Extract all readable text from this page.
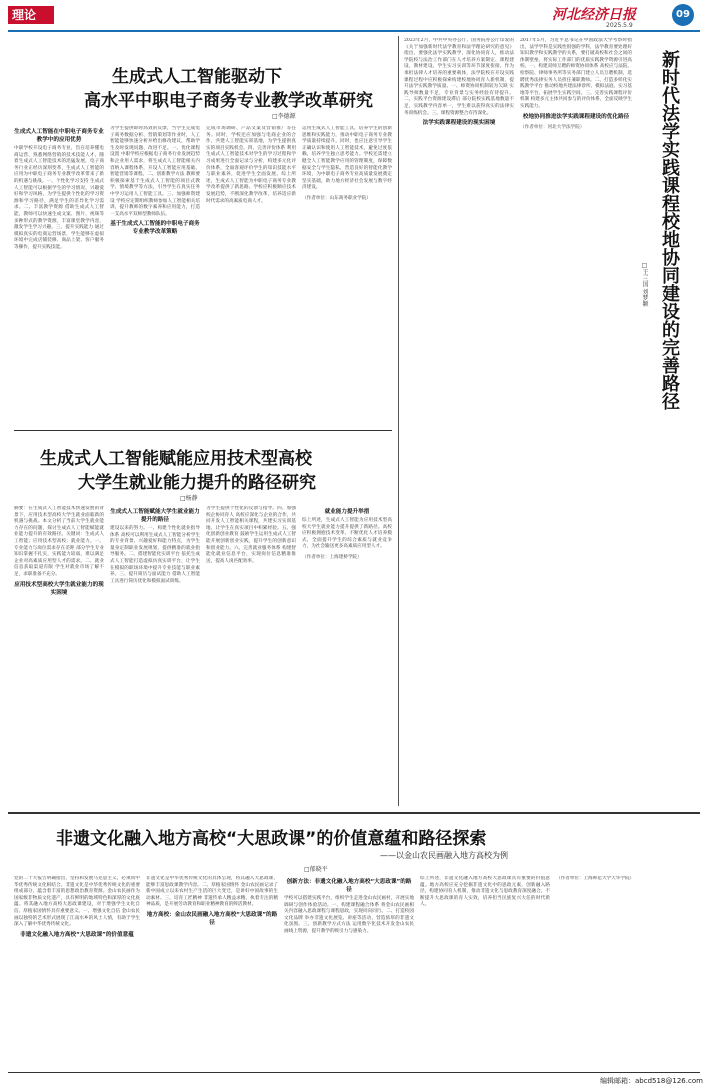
理论	河北经济日报	09
2025.5.9
生成式人工智能驱动下
高水平中职电子商务专业教学改革研究
□李德源
生成式人工智能在中职电子商务专业教学中的应用优势
中职学校开设电子商务专业，旨在培养懂电商运营、熟悉网络营销的技术技能人才。随着生成式人工智能技术的迅猛发展，电子商务行业正经历深刻变革，生成式人工智能的应用为中职电子商务专业教学改革带来了新的机遇与挑战。一、个性化学习支持 生成式人工智能可以根据学生的学习情况、兴趣爱好和学习风格，为学生提供个性化的学习资源和学习路径，满足学生的差异化学习需求。二、丰富教学资源 借助生成式人工智能，教师可以快速生成文案、图片、视频等多种形式的教学资源，丰富课堂教学内容，激发学生学习兴趣。三、提升实践能力 通过模拟真实的电商运营场景，学生能够在虚拟环境中完成店铺装修、商品上架、客户服务等操作，提升实践技能。
为学生提供即时高效的反馈，当学生完成电子商务数据分析、营销策划等作业时，人工智能能够快速分析并给出修改建议，帮助学生及时发现问题、改进不足。一、优化课程设置 中职学校应根据电子商务行业发展趋势和企业用人需求，将生成式人工智能相关内容纳入课程体系，开设人工智能应用基础、智能营销等课程。二、创新教学方法 教师要积极探索基于生成式人工智能的项目式教学、情境教学等方法，引导学生在真实任务中学习运用人工智能工具。三、加强师资建设 学校应定期组织教师参加人工智能相关培训，提升教师的数字素养和应用能力，打造一支高水平双师型教师队伍。
基于生成式人工智能的中职电子商务专业教学改革策略
完成市场调研、产品文案及营销推广等任务。同时，学校还应加强与电商企业的合作，共建人工智能实训基地，为学生提供真实的项目实践机会。四、完善评价体系 利用生成式人工智能技术对学生的学习过程和学习成果进行全面记录与分析，构建多元化评价体系，全面客观评价学生的知识技能水平与职业素养，促进学生全面发展。综上所述，生成式人工智能为中职电子商务专业教学改革提供了新思路。学校应积极顺应技术发展趋势，不断深化教学改革，培养适应新时代需求的高素质电商人才。
运用生成式人工智能工具，培养学生的创新思维和实践能力，推动中职电子商务专业教学质量持续提升。同时，也应注意引导学生正确认识和使用人工智能技术，避免过度依赖，培养学生独立思考能力。学校还需建立健全人工智能教学应用的管理制度，保障数据安全与学生隐私，营造良好的智能化教学环境，为中职电子商务专业高质量发展奠定坚实基础，助力地方经济社会发展与数字经济建设。
（作者单位：山东商务职业学院）
生成式人工智能赋能应用技术型高校
大学生就业能力提升的路径研究
□杨静
摘要：在生成式人工智能技术快速发展的背景下，应用技术型高校大学生就业面临新的机遇与挑战。本文分析了当前大学生就业能力存在的问题，探讨生成式人工智能赋能就业能力提升的有效路径。关键词：生成式人工智能；应用技术型高校；就业能力。一、专业能力与岗位需求存在差距 部分学生专业知识掌握不扎实，实践能力较弱，难以满足企业对高素质应用型人才的需求。二、就业信息获取渠道有限 学生对就业市场了解不足，求职准备不充分。
应用技术型高校大学生就业能力的现实困境
生成式人工智能赋能大学生就业能力提升的路径
建设以来的努力。一、构建个性化就业指导体系 高校可以利用生成式人工智能分析学生的专业背景、兴趣爱好和能力特点，为学生量身定制职业发展规划，提供精准的就业指导服务。二、搭建智能化实训平台 依托生成式人工智能打造虚拟仿真实训平台，让学生在模拟的职场环境中提升专业技能与职业素养。三、提升简历与面试能力 借助人工智能工具进行简历优化和模拟面试训练。
为学生提供个性化的反馈与指导。四、加强校企协同育人 高校应深化与企业的合作，共同开发人工智能相关课程，共建实习实训基地，让学生在真实项目中积累经验。五、强化创新创业教育 鼓励学生运用生成式人工智能开展创新创业实践，提升学生的创新意识和创业能力。六、完善就业服务体系 构建智能化就业信息平台，实现岗位信息精准推送，提高人岗匹配效率。
就业能力提升举措
综上所述，生成式人工智能为应用技术型高校大学生就业能力提升提供了新路径。高校应积极拥抱技术变革，不断优化人才培养模式，全面提升学生的综合素质与就业竞争力，为社会输送更多高素质应用型人才。
（作者单位：上海建桥学院）
新时代法学实践课程校地协同建设的完善路径
□王三国 刘梦颖
2023年2月，中共中央办公厅、国务院办公厅印发的《关于加强新时代法学教育和法学理论研究的意见》指出，要强化法学实践教学，深化协同育人，推动法学院校与法治工作部门在人才培养方案制定、课程建设、教材建设、学生实习实训等环节深度衔接。作为承担法律人才培养的重要载体，法学院校在开设实践课程过程中应积极探索构建校地协同育人新机制，提升法学实践教学质量。一、师资协同机制较为欠缺 实践导师数量不足，专业背景与实务经验有待提升。二、实践平台资源建设滞后 部分院校实践基地数量不足，实践教学内容单一，学生难以获得真实的法律实务训练机会。三、课程资源整合有待深化。
法学实践课程建设的现实困境
2017年5月，习近平总书记在中国政法大学考察时指出，法学学科是实践性很强的学科，法学教育要处理好知识教学和实践教学的关系，要打破高校和社会之间的体制壁垒，将实际工作部门的优质实践教学资源引进高校。一、构建双师互聘的师资协同体系 高校应与法院、检察院、律师事务所等实务部门建立人员互聘机制，选聘优秀法律实务人员担任兼职教师。二、打造多样化实践教学平台 推动校地共建法律诊所、模拟法庭、实习基地等平台，拓展学生实践空间。三、完善实践课程评价机制 构建多元主体共同参与的评价体系，全面反映学生实践能力。
校地协同推进法学实践课程建设的优化路径
（作者单位：河北大学法学院）
非遗文化融入地方高校“大思政课”的价值意蕴和路径探索
——以金山农民画融入地方高校为例
□郁晓平
党的二十大报告明确指出，坚持和发展马克思主义，必须同中华优秀传统文化相结合。非遗文化是中华优秀传统文化的重要组成部分，蕴含着丰富的思想政治教育资源。金山农民画作为国家级非物质文化遗产，具有鲜明的地域特色和深厚的文化底蕴。将其融入地方高校大思政课建设，对于增强学生文化自信、厚植家国情怀具有重要意义。一、增强文化自信 金山农民画以独特的艺术形式展现了江南水乡的风土人情，有助于学生深入了解中华优秀传统文化。
非遗文化融入地方高校“大思政课”的价值意蕴
非遗文化是中华优秀传统文化的具体呈现，将其融入大思政课，能够丰富思政课教学内容。二、厚植家国情怀 金山农民画记录了新中国成立以来农村生产生活的巨大变迁，是讲好中国故事的生动素材。三、培育工匠精神 非遗传承人精益求精、执着专注的精神品质，是开展劳动教育和职业精神教育的鲜活教材。
地方高校：金山农民画融入地方高校“大思政课”的路径
创新方法：非遗文化融入地方高校“大思政课”的路径
学校可以搭建实践平台，组织学生走进金山农民画村，开展实地调研与创作体验活动。一、构建课程融合体系 将金山农民画相关内容融入思政课程与课程思政，实现同向同行。二、打造校园文化品牌 举办非遗文化展览、讲座等活动，营造浓厚的非遗文化氛围。三、创新教学方式方法 运用数字化技术开发金山农民画线上资源，提升教学的吸引力与感染力。
综上所述，非遗文化融入地方高校大思政课具有重要的价值意蕴。地方高校应充分挖掘非遗文化中的思政元素，创新融入路径，构建协同育人机制，推动非遗文化与思政教育深度融合，不断提升大思政课的育人实效，培养担当民族复兴大任的时代新人。
（作者单位：上海师范大学天华学院）
编辑邮箱：abcd518@126.com
